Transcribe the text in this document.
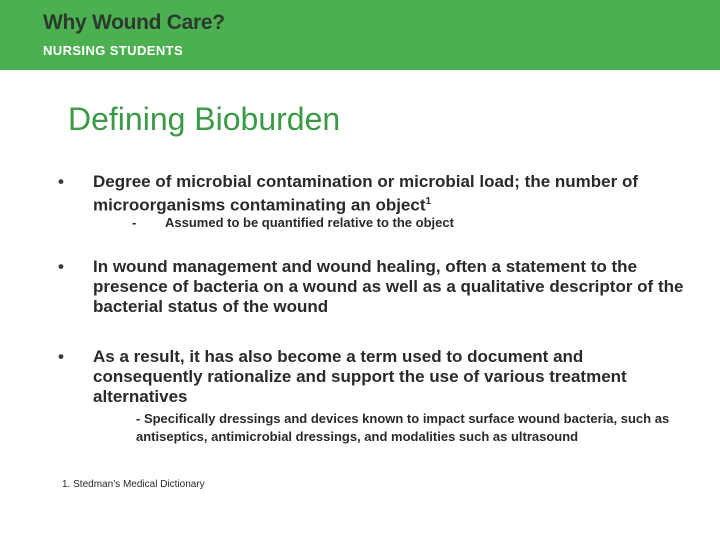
Why Wound Care?
NURSING STUDENTS
Defining Bioburden
• Degree of microbial contamination or microbial load; the number of microorganisms contaminating an object$^1$
- Assumed to be quantified relative to the object
• In wound management and wound healing, often a statement to the presence of bacteria on a wound as well as a qualitative descriptor of the bacterial status of the wound
• As a result, it has also become a term used to document and consequently rationalize and support the use of various treatment alternatives
- Specifically dressings and devices known to impact surface wound bacteria, such as antiseptics, antimicrobial dressings, and modalities such as ultrasound
1. Stedman’s Medical Dictionary
